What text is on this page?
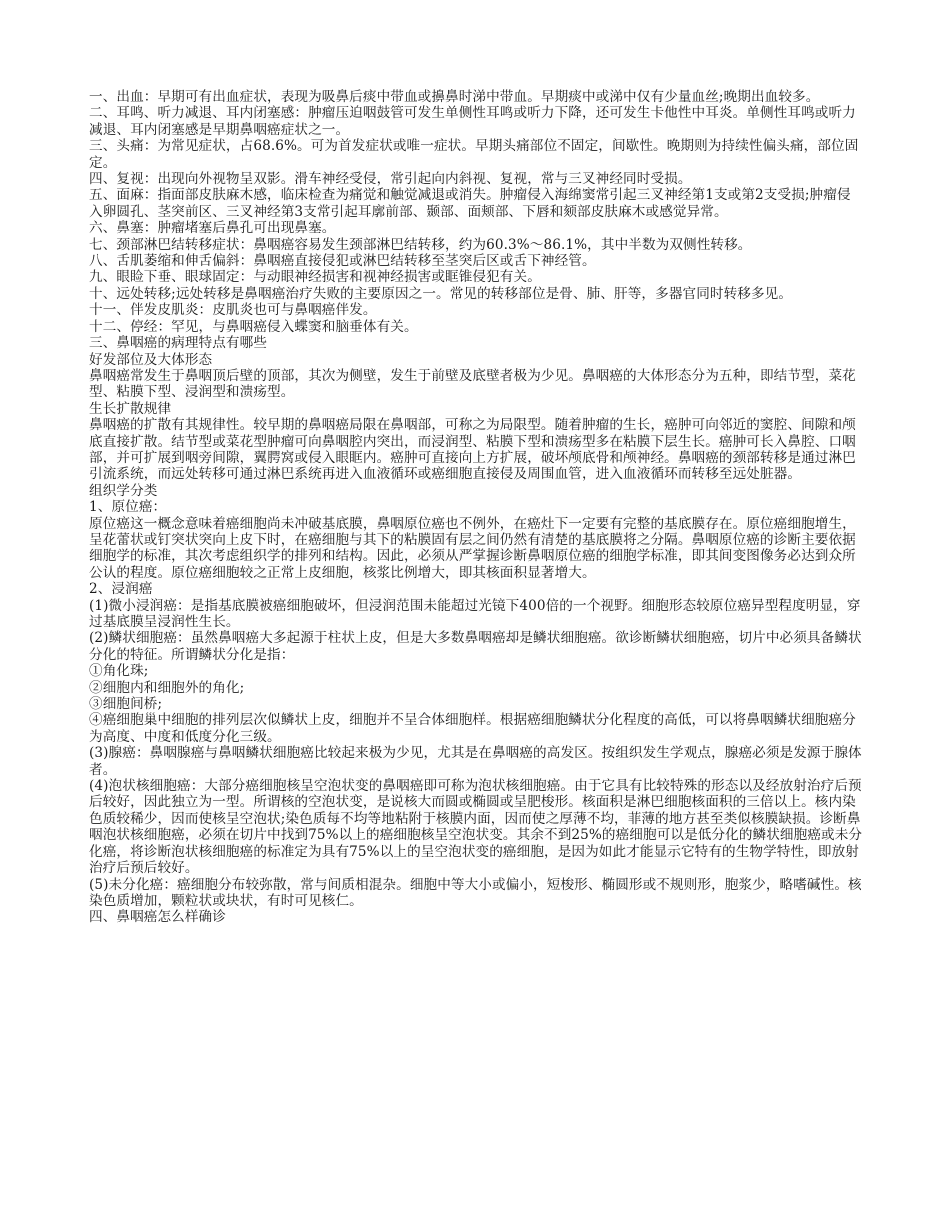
一、出血：早期可有出血症状，表现为吸鼻后痰中带血或擤鼻时涕中带血。早期痰中或涕中仅有少量血丝;晚期出血较多。

二、耳鸣、听力减退、耳内闭塞感：肿瘤压迫咽鼓管可发生单侧性耳鸣或听力下降，还可发生卡他性中耳炎。单侧性耳鸣或听力减退、耳内闭塞感是早期鼻咽癌症状之一。

三、头痛：为常见症状，占68.6%。可为首发症状或唯一症状。早期头痛部位不固定，间歇性。晚期则为持续性偏头痛，部位固定。

四、复视：出现向外视物呈双影。滑车神经受侵，常引起向内斜视、复视，常与三叉神经同时受损。

五、面麻：指面部皮肤麻木感，临床检查为痛觉和触觉减退或消失。肿瘤侵入海绵窦常引起三叉神经第1支或第2支受损;肿瘤侵入卵圆孔、茎突前区、三叉神经第3支常引起耳廓前部、颞部、面颊部、下唇和颏部皮肤麻木或感觉异常。

六、鼻塞：肿瘤堵塞后鼻孔可出现鼻塞。

七、颈部淋巴结转移症状：鼻咽癌容易发生颈部淋巴结转移，约为60.3%～86.1%，其中半数为双侧性转移。

八、舌肌萎缩和伸舌偏斜：鼻咽癌直接侵犯或淋巴结转移至茎突后区或舌下神经管。

九、眼睑下垂、眼球固定：与动眼神经损害和视神经损害或眶锥侵犯有关。

十、远处转移;远处转移是鼻咽癌治疗失败的主要原因之一。常见的转移部位是骨、肺、肝等，多器官同时转移多见。

十一、伴发皮肌炎：皮肌炎也可与鼻咽癌伴发。

十二、停经：罕见，与鼻咽癌侵入蝶窦和脑垂体有关。

三、鼻咽癌的病理特点有哪些

好发部位及大体形态

鼻咽癌常发生于鼻咽顶后壁的顶部，其次为侧壁，发生于前壁及底壁者极为少见。鼻咽癌的大体形态分为五种，即结节型，菜花型、粘膜下型、浸润型和溃疡型。

生长扩散规律

鼻咽癌的扩散有其规律性。较早期的鼻咽癌局限在鼻咽部，可称之为局限型。随着肿瘤的生长，癌肿可向邻近的窦腔、间隙和颅底直接扩散。结节型或菜花型肿瘤可向鼻咽腔内突出，而浸润型、粘膜下型和溃疡型多在粘膜下层生长。癌肿可长入鼻腔、口咽部，并可扩展到咽旁间隙，翼腭窝或侵入眼眶内。癌肿可直接向上方扩展，破坏颅底骨和颅神经。鼻咽癌的颈部转移是通过淋巴引流系统，而远处转移可通过淋巴系统再进入血液循环或癌细胞直接侵及周围血管，进入血液循环而转移至远处脏器。

组织学分类

1、原位癌：

原位癌这一概念意味着癌细胞尚未冲破基底膜，鼻咽原位癌也不例外，在癌灶下一定要有完整的基底膜存在。原位癌细胞增生，呈花蕾状或钉突状突向上皮下时，在癌细胞与其下的粘膜固有层之间仍然有清楚的基底膜将之分隔。鼻咽原位癌的诊断主要依据细胞学的标准，其次考虑组织学的排列和结构。因此，必须从严掌握诊断鼻咽原位癌的细胞学标准，即其间变图像务必达到众所公认的程度。原位癌细胞较之正常上皮细胞，核浆比例增大，即其核面积显著增大。

2、浸润癌

(1)微小浸润癌：是指基底膜被癌细胞破坏，但浸润范围未能超过光镜下400倍的一个视野。细胞形态较原位癌异型程度明显，穿过基底膜呈浸润性生长。

(2)鳞状细胞癌：虽然鼻咽癌大多起源于柱状上皮，但是大多数鼻咽癌却是鳞状细胞癌。欲诊断鳞状细胞癌，切片中必须具备鳞状分化的特征。所谓鳞状分化是指：

①角化珠;

②细胞内和细胞外的角化;

③细胞间桥;

④癌细胞巢中细胞的排列层次似鳞状上皮，细胞并不呈合体细胞样。根据癌细胞鳞状分化程度的高低，可以将鼻咽鳞状细胞癌分为高度、中度和低度分化三级。

(3)腺癌：鼻咽腺癌与鼻咽鳞状细胞癌比较起来极为少见，尤其是在鼻咽癌的高发区。按组织发生学观点，腺癌必须是发源于腺体者。

(4)泡状核细胞癌：大部分癌细胞核呈空泡状变的鼻咽癌即可称为泡状核细胞癌。由于它具有比较特殊的形态以及经放射治疗后预后较好，因此独立为一型。所谓核的空泡状变，是说核大而圆或椭圆或呈肥梭形。核面积是淋巴细胞核面积的三倍以上。核内染色质较稀少，因而使核呈空泡状;染色质每不均等地粘附于核膜内面，因而使之厚薄不均，菲薄的地方甚至类似核膜缺损。诊断鼻咽泡状核细胞癌，必须在切片中找到75%以上的癌细胞核呈空泡状变。其余不到25%的癌细胞可以是低分化的鳞状细胞癌或未分化癌，将诊断泡状核细胞癌的标准定为具有75%以上的呈空泡状变的癌细胞，是因为如此才能显示它特有的生物学特性，即放射治疗后预后较好。

(5)未分化癌：癌细胞分布较弥散，常与间质相混杂。细胞中等大小或偏小，短梭形、椭圆形或不规则形，胞浆少，略嗜碱性。核染色质增加，颗粒状或块状，有时可见核仁。

四、鼻咽癌怎么样确诊
